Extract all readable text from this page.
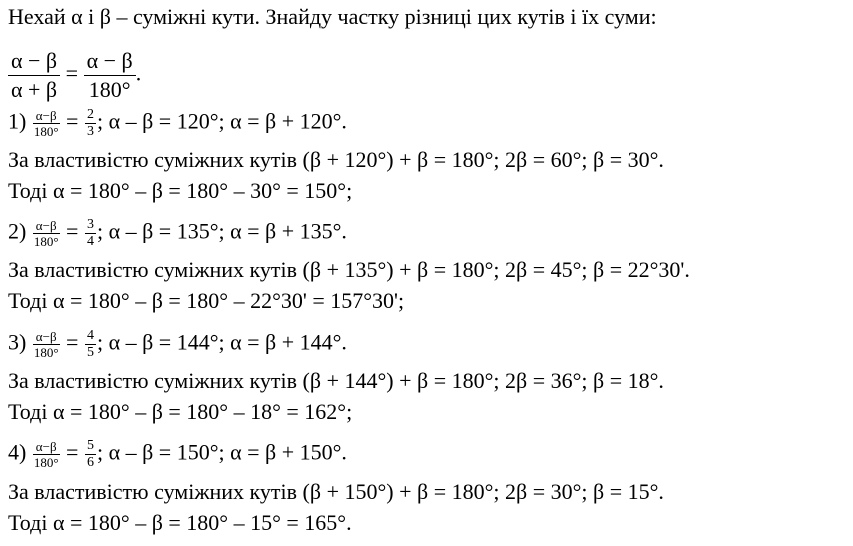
Нехай α і β – суміжні кути. Знайду частку різниці цих кутів і їх суми:
$\frac{\alpha - \beta}{\alpha + \beta} = \frac{\alpha - \beta}{180^\circ}$ .
$1) \frac{\alpha-\beta}{180^\circ} = \frac{2}{3}$ ; α – β = 120°; α = β + 120°.
За властивістю суміжних кутів (β + 120°) + β = 180°; 2β = 60°; β = 30°.
Тоді α = 180° – β = 180° – 30° = 150°;
$2) \frac{\alpha-\beta}{180^\circ} = \frac{3}{4}$ ; α – β = 135°; α = β + 135°.
За властивістю суміжних кутів (β + 135°) + β = 180°; 2β = 45°; β = 22°30'.
Тоді α = 180° – β = 180° – 22°30' = 157°30';
$3) \frac{\alpha-\beta}{180^\circ} = \frac{4}{5}$ ; α – β = 144°; α = β + 144°.
За властивістю суміжних кутів (β + 144°) + β = 180°; 2β = 36°; β = 18°.
Тоді α = 180° – β = 180° – 18° = 162°;
$4) \frac{\alpha-\beta}{180^\circ} = \frac{5}{6}$ ; α – β = 150°; α = β + 150°.
За властивістю суміжних кутів (β + 150°) + β = 180°; 2β = 30°; β = 15°.
Тоді α = 180° – β = 180° – 15° = 165°.
